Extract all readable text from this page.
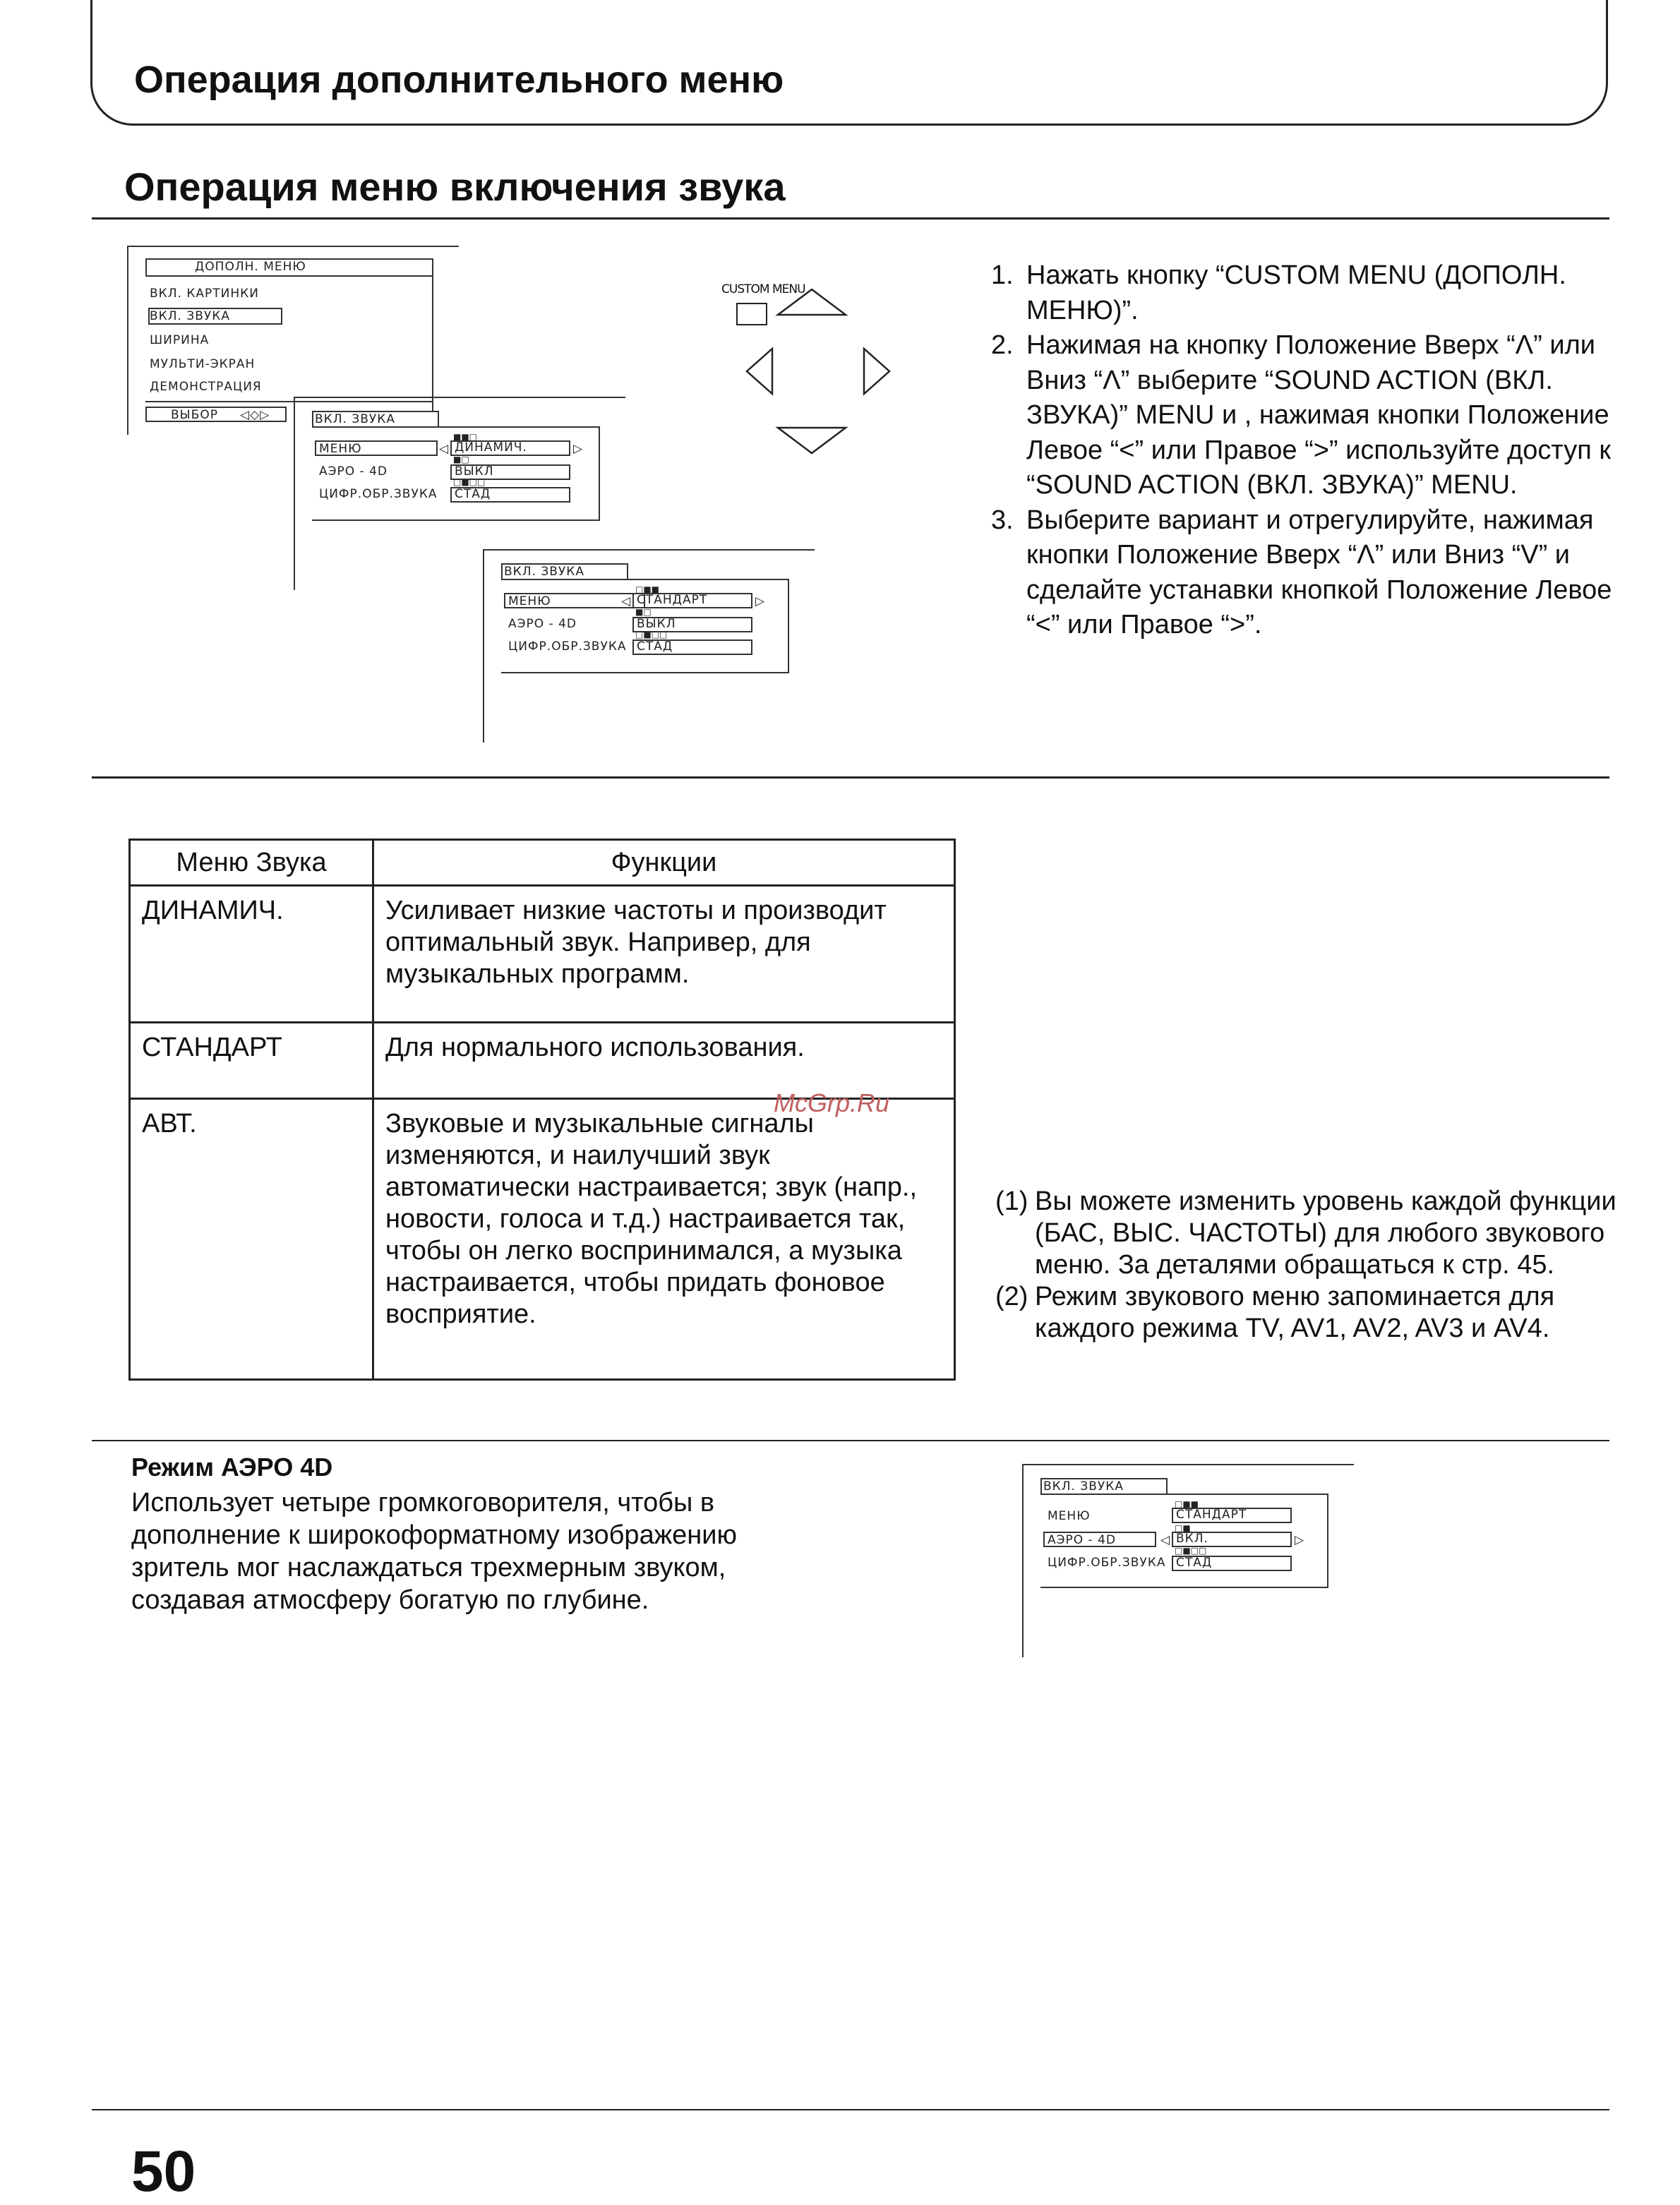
Операция дополнительного меню
Операция меню включения звука
ДОПОЛН. МЕНЮ
ВКЛ. КАРТИНКИ
ВКЛ. ЗВУКА
ШИРИНА
МУЛЬТИ-ЭКРАН
ДЕМОНСТРАЦИЯ
ВЫБОР ◁◇▷
CUSTOM MENU
ВКЛ. ЗВУКА
МЕНЮ
■■□
◁ ДИНАМИЧ.	▷
АЭРО - 4D
■□
ВЫКЛ
ЦИФР.ОБР.ЗВУКА
□■□□
СТАД
ВКЛ. ЗВУКА
МЕНЮ
□■■
◁ СТАНДАРТ	▷
АЭРО - 4D
■□
ВЫКЛ
ЦИФР.ОБР.ЗВУКА
□■□□
СТАД
1. Нажать кнопку “CUSTOM MENU (ДОПОЛН. МЕНЮ)”.
2. Нажимая на кнопку Положение Вверх “Λ” или Вниз “Λ” выберите “SOUND ACTION (ВКЛ. ЗВУКА)” MENU и , нажимая кнопки Положение Левое “<” или Правое “>” используйте доступ к “SOUND ACTION (ВКЛ. ЗВУКА)” MENU.
3. Выберите вариант и отрегулируйте, нажимая кнопки Положение Вверх “Λ” или Вниз “V” и сделайте устанавки кнопкой Положение Левое “<” или Правое “>”.
Меню Звука	Функции
ДИНАМИЧ.	Усиливает низкие частоты и производит оптимальный звук. Напривер, для музыкальных программ.
СТАНДАРТ	Для нормального использования.
АВТ.	Звуковые и музыкальные сигналы изменяются, и наилучший звук автоматически настраивается; звук (напр., новости, голоса и т.д.) настраивается так, чтобы он легко воспринимался, а музыка настраивается, чтобы придать фоновое восприятие.
McGrp.Ru
(1) Вы можете изменить уровень каждой функции (БАС, ВЫС. ЧАСТОТЫ) для любого звукового меню. За деталями обращаться к стр. 45.
(2) Режим звукового меню запоминается для каждого режима TV, AV1, AV2, AV3 и AV4.
Режим АЭРО 4D
Использует четыре громкоговорителя, чтобы в дополнение к широкоформатному изображению зритель мог наслаждаться трехмерным звуком, создавая атмосферу богатую по глубине.
ВКЛ. ЗВУКА
МЕНЮ
□■■
СТАНДАРТ
АЭРО - 4D
□■
◁ ВКЛ.	▷
ЦИФР.ОБР.ЗВУКА
□■□□
СТАД
50
